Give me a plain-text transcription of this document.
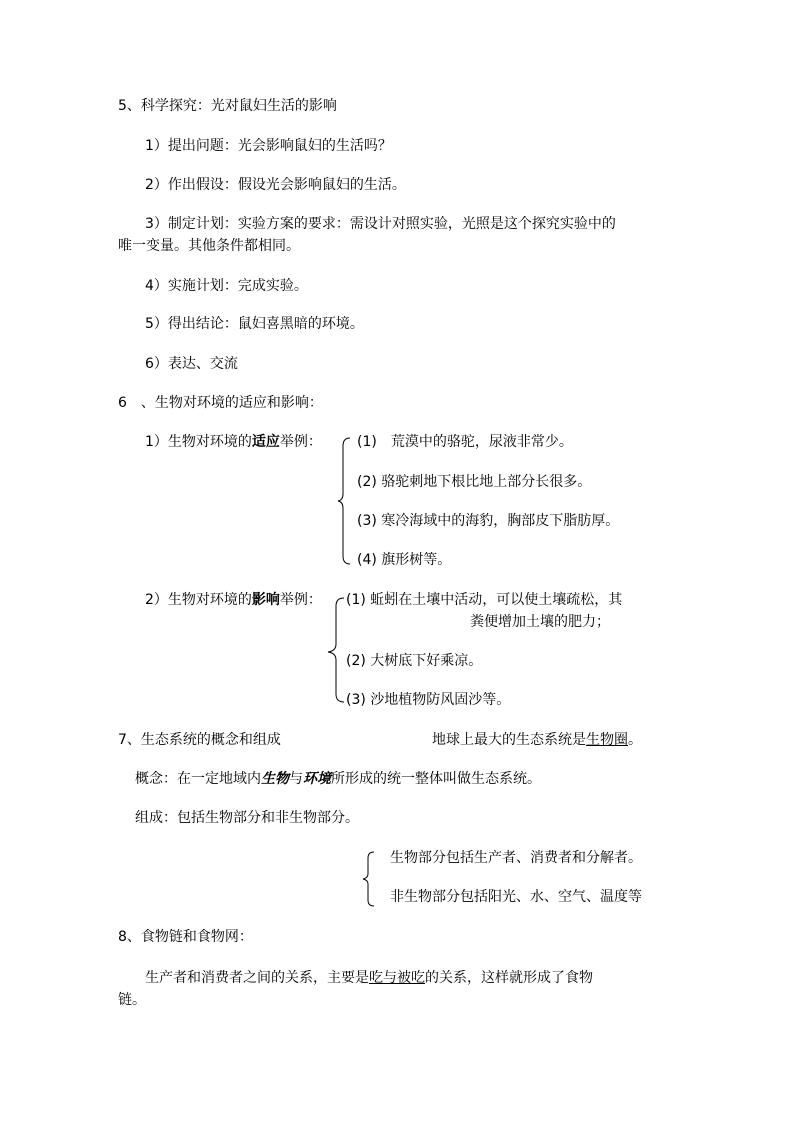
5、科学探究：光对鼠妇生活的影响
1）提出问题：光会影响鼠妇的生活吗？
2）作出假设：假设光会影响鼠妇的生活。
3）制定计划：实验方案的要求：需设计对照实验，光照是这个探究实验中的
唯一变量。其他条件都相同。
4）实施计划：完成实验。
5）得出结论：鼠妇喜黑暗的环境。
6）表达、交流
6　、生物对环境的适应和影响：
1）生物对环境的适应举例：	(1)　荒漠中的骆驼，尿液非常少。
(2) 骆驼刺地下根比地上部分长很多。
(3) 寒冷海域中的海豹，胸部皮下脂肪厚。
(4) 旗形树等。
2）生物对环境的影响举例： (1) 蚯蚓在土壤中活动，可以使土壤疏松，其
粪便增加土壤的肥力；
(2) 大树底下好乘凉。
(3) 沙地植物防风固沙等。
7、生态系统的概念和组成	地球上最大的生态系统是生物圈。
概念：在一定地域内生物与环境所形成的统一整体叫做生态系统。
组成：包括生物部分和非生物部分。
生物部分包括生产者、消费者和分解者。
非生物部分包括阳光、水、空气、温度等
8、食物链和食物网：
生产者和消费者之间的关系，主要是吃与被吃的关系，这样就形成了食物
链。
